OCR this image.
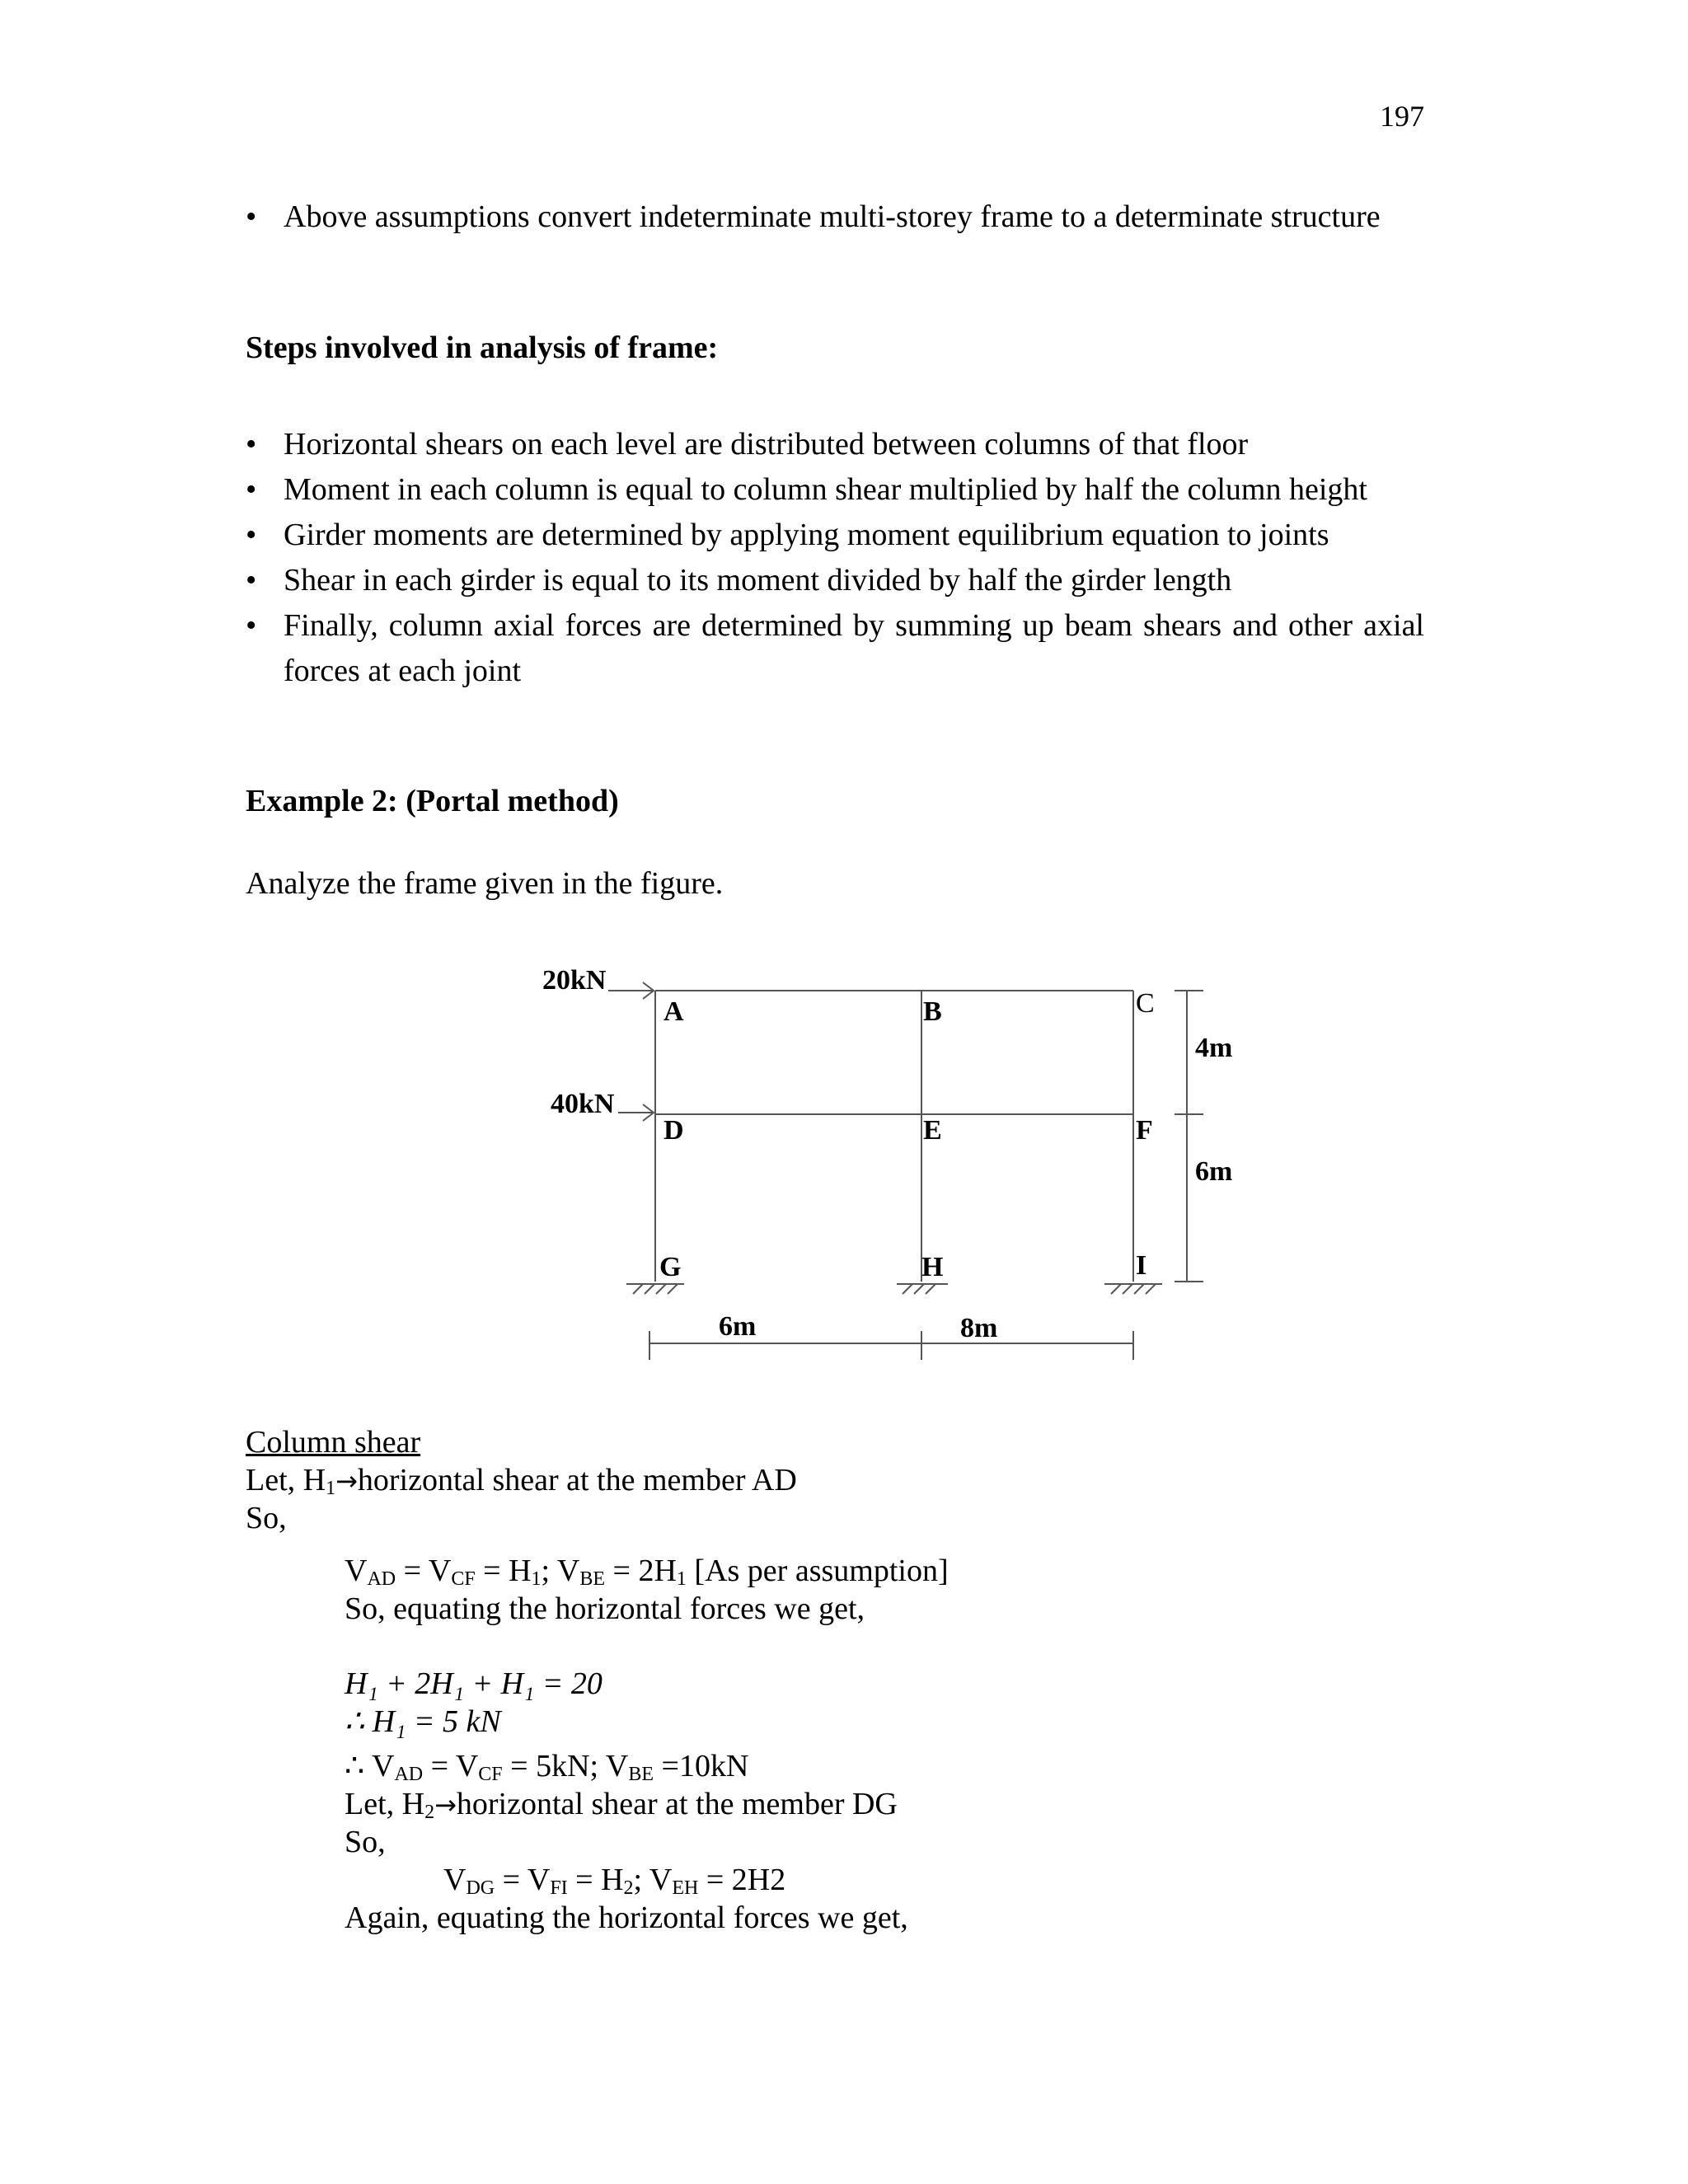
197
• Above assumptions convert indeterminate multi-storey frame to a determinate structure
Steps involved in analysis of frame:
• Horizontal shears on each level are distributed between columns of that floor
• Moment in each column is equal to column shear multiplied by half the column height
• Girder moments are determined by applying moment equilibrium equation to joints
• Shear in each girder is equal to its moment divided by half the girder length
• Finally, column axial forces are determined by summing up beam shears and other axial forces at each joint
Example 2: (Portal method)

Analyze the frame given in the figure.

20kN
40kN
A	B	C
D	E	F
G	H	I
4m
6m
6m	8m
Column shear
Let, $H_1\to horizontal$ shear at the member AD
So,
$V_{AD} = V_{CF} = H_1$; $V_{BE} = 2H_1$ [As per assumption]
So, equating the horizontal forces we get,
H₁ + 2H₁ + H₁ = 20
∴ H₁ = 5 kN
∴ $V_{AD} = V_{CF} = 5kN$; $V_{BE} =10kN$
Let, $H_2\to horizontal$ shear at the member DG
So,
$V_{DG} = V_{FI} = H_2$; $V_{EH} = 2H2$
Again, equating the horizontal forces we get,
